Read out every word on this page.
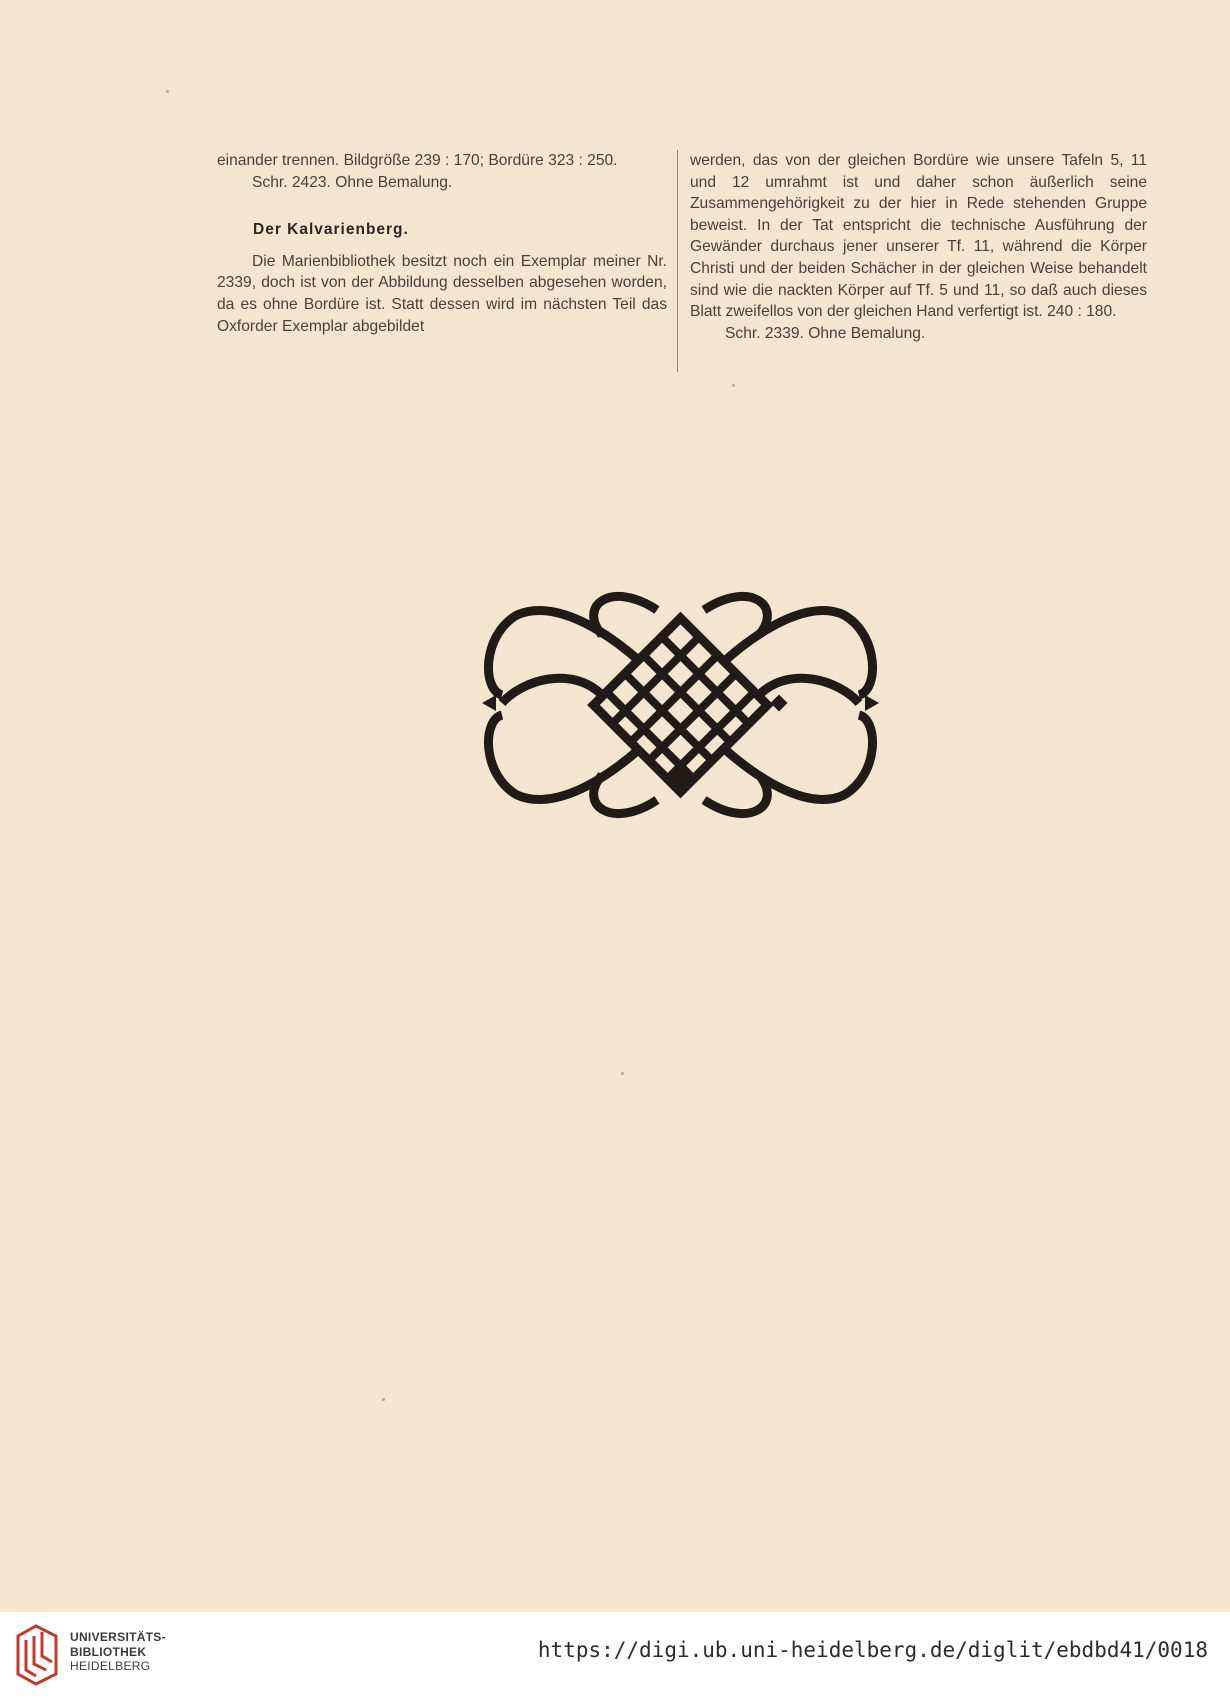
einander trennen. Bildgröße 239 : 170; Bordüre 323 : 250.

Schr. 2423. Ohne Bemalung.

Der Kalvarienberg.

Die Marienbibliothek besitzt noch ein Exemplar meiner Nr. 2339, doch ist von der Abbildung desselben abgesehen worden, da es ohne Bordüre ist. Statt dessen wird im nächsten Teil das Oxforder Exemplar abgebildet

werden, das von der gleichen Bordüre wie unsere Tafeln 5, 11 und 12 umrahmt ist und daher schon äußerlich seine Zusammengehörigkeit zu der hier in Rede stehenden Gruppe beweist. In der Tat entspricht die technische Ausführung der Gewänder durchaus jener unserer Tf. 11, während die Körper Christi und der beiden Schächer in der gleichen Weise behandelt sind wie die nackten Körper auf Tf. 5 und 11, so daß auch dieses Blatt zweifellos von der gleichen Hand verfertigt ist. 240 : 180.

Schr. 2339. Ohne Bemalung.

UNIVERSITÄTS-
BIBLIOTHEK
HEIDELBERG
https://digi.ub.uni-heidelberg.de/diglit/ebdbd41/0018
